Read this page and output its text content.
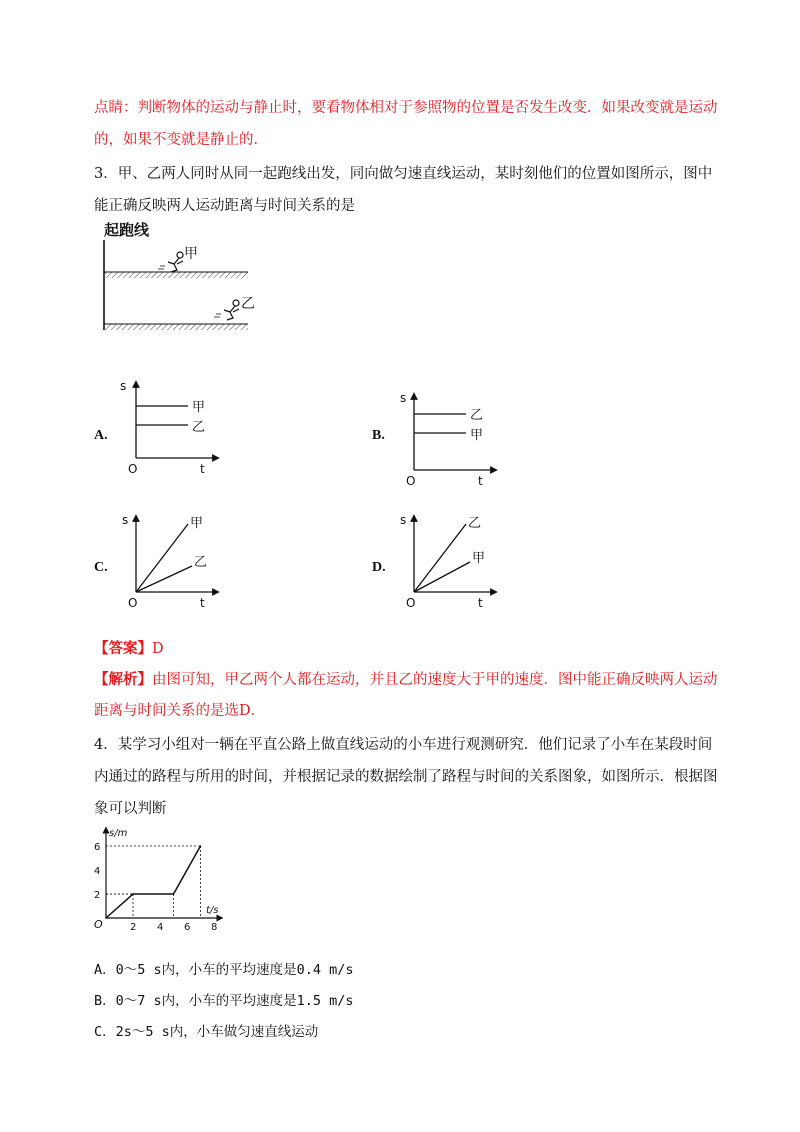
点睛：判断物体的运动与静止时，要看物体相对于参照物的位置是否发生改变．如果改变就是运动
的，如果不变就是静止的．
3．甲、乙两人同时从同一起跑线出发，同向做匀速直线运动，某时刻他们的位置如图所示，图中
能正确反映两人运动距离与时间关系的是
起跑线
甲
乙
A.
s
t
O
甲
乙
B.
s
t
O
乙
甲
C.
s
t
O
甲
乙	D.
s
t
O
乙
甲
【答案】D
【解析】由图可知，甲乙两个人都在运动，并且乙的速度大于甲的速度．图中能正确反映两人运动
距离与时间关系的是选D．
4．某学习小组对一辆在平直公路上做直线运动的小车进行观测研究．他们记录了小车在某段时间
内通过的路程与所用的时间，并根据记录的数据绘制了路程与时间的关系图象，如图所示．根据图
象可以判断
s/m
t/s
O	2 4 6 8
2
4
6
A．0～5 s内，小车的平均速度是0.4 m/s
B．0～7 s内，小车的平均速度是1.5 m/s
C．2s～5 s内，小车做匀速直线运动
